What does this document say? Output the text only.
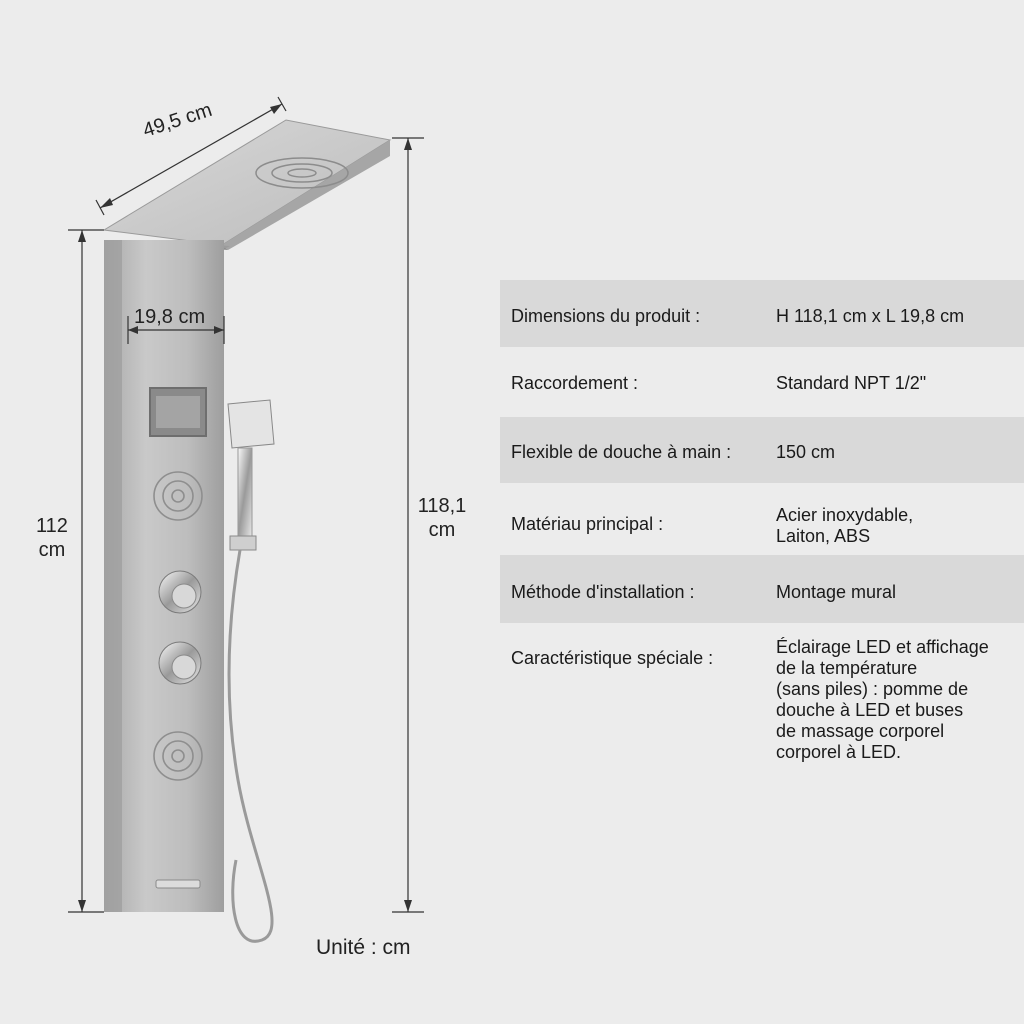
49,5 cm
19,8 cm
112
cm
118,1
cm
Unité : cm
Dimensions du produit :	H 118,1 cm x L 19,8 cm
Raccordement :	Standard NPT 1/2"
Flexible de douche à main : 150 cm
Matériau principal :	Acier inoxydable,
Laiton, ABS
Méthode d'installation :	Montage mural
Caractéristique spéciale :
Éclairage LED et affichage
de la température
(sans piles) : pomme de
douche à LED et buses
de massage corporel
corporel à LED.
